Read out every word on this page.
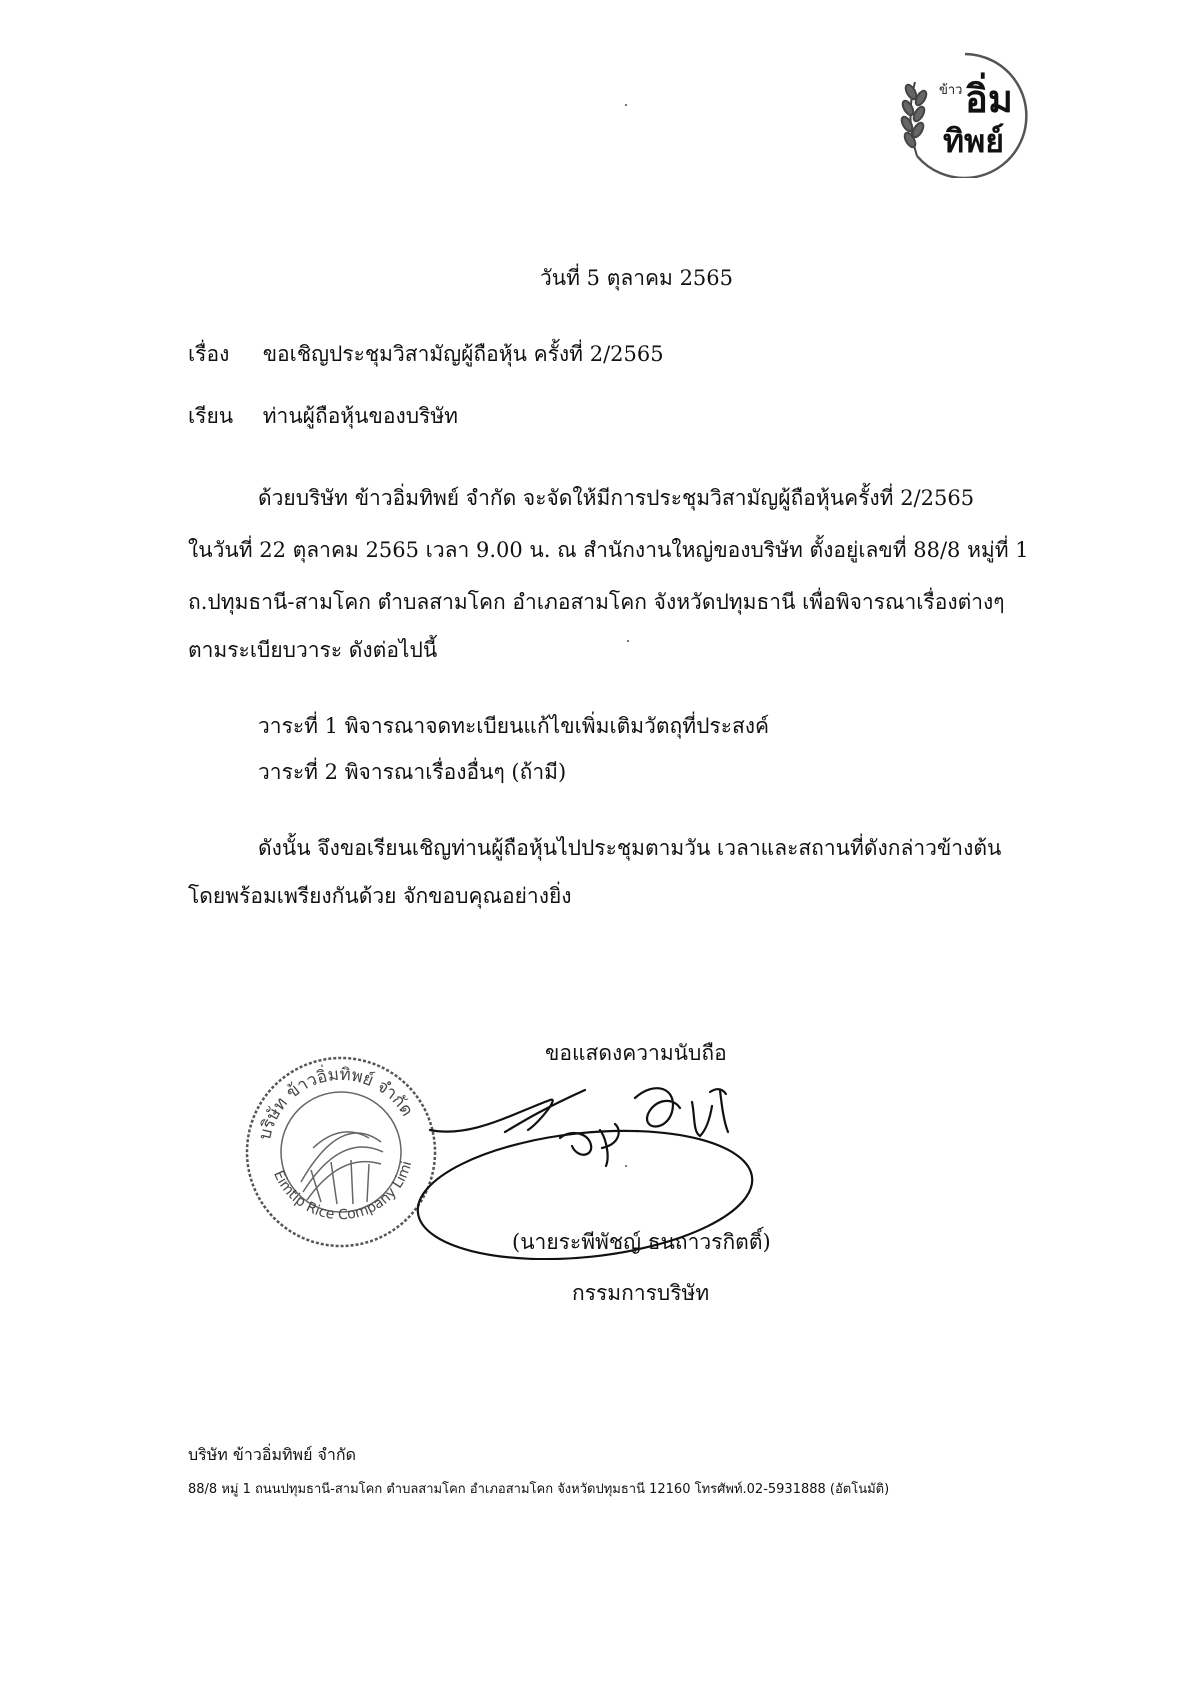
ข้าว อิ่ม
ทิพย์
วันที่ 5 ตุลาคม 2565
เรื่อง ขอเชิญประชุมวิสามัญผู้ถือหุ้น ครั้งที่ 2/2565
เรียน ท่านผู้ถือหุ้นของบริษัท
ด้วยบริษัท ข้าวอิ่มทิพย์ จำกัด จะจัดให้มีการประชุมวิสามัญผู้ถือหุ้นครั้งที่ 2/2565
ในวันที่ 22 ตุลาคม 2565 เวลา 9.00 น. ณ สำนักงานใหญ่ของบริษัท ตั้งอยู่เลขที่ 88/8 หมู่ที่ 1
ถ.ปทุมธานี-สามโคก ตำบลสามโคก อำเภอสามโคก จังหวัดปทุมธานี เพื่อพิจารณาเรื่องต่างๆ
ตามระเบียบวาระ ดังต่อไปนี้
วาระที่ 1 พิจารณาจดทะเบียนแก้ไขเพิ่มเติมวัตถุที่ประสงค์
วาระที่ 2 พิจารณาเรื่องอื่นๆ (ถ้ามี)
ดังนั้น จึงขอเรียนเชิญท่านผู้ถือหุ้นไปประชุมตามวัน เวลาและสถานที่ดังกล่าวข้างต้น
โดยพร้อมเพรียงกันด้วย จักขอบคุณอย่างยิ่ง
ขอแสดงความนับถือ
บริษัท ข้าวอิ่มทิพย์ จำกัด
Eimtip Rice Company Limi
(นายระพีพัชญ์ ธนถาวรกิตติ์)
กรรมการบริษัท
บริษัท ข้าวอิ่มทิพย์ จำกัด
88/8 หมู่ 1 ถนนปทุมธานี-สามโคก ตำบลสามโคก อำเภอสามโคก จังหวัดปทุมธานี 12160 โทรศัพท์.02-5931888 (อัตโนมัติ)
